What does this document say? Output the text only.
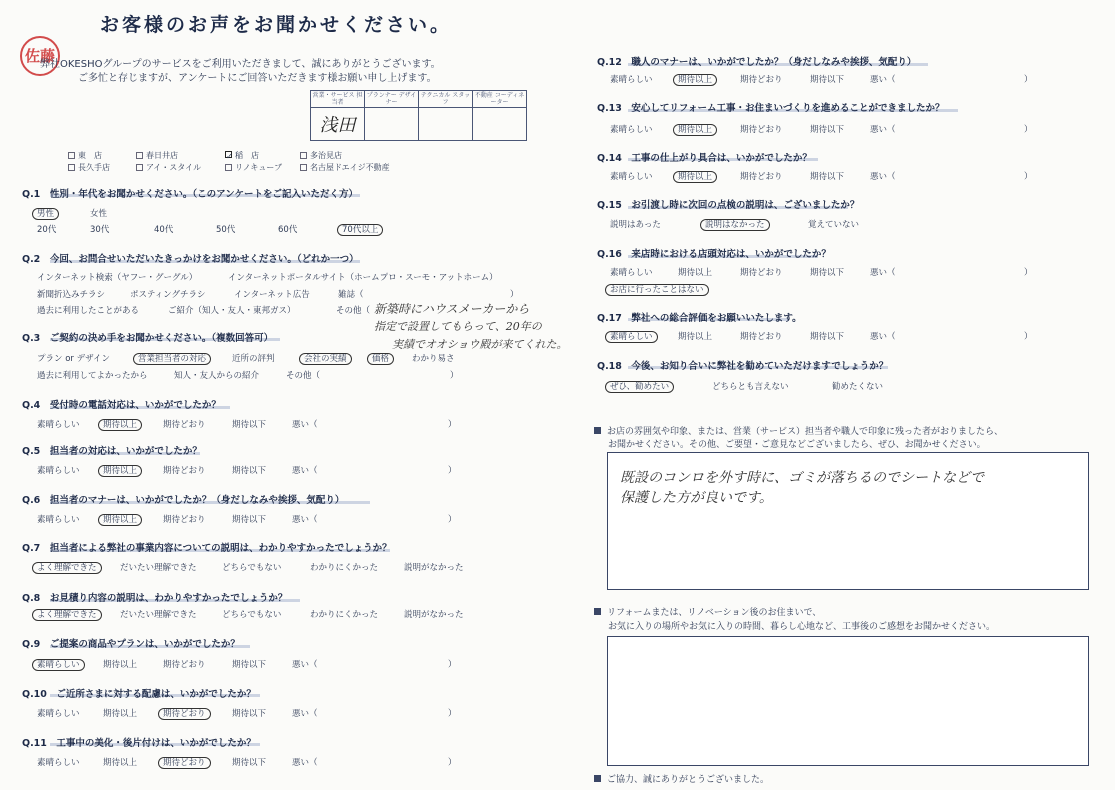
お客様のお声をお聞かせください。
佐藤
弊社OKESHOグループのサービスをご利用いただきまして、誠にありがとうございます。
ご多忙と存じますが、アンケートにご回答いただきます様お願い申し上げます。
営業・サービス 担当者	プランナー デザイナー	テクニカル スタッフ	不動産 コーディネーター
浅田			
東　店	春日井店	✓ 稲　店	多治見店
長久手店	アイ・スタイル	リノキューブ	名古屋ドエイジ不動産
Q.1　 性別・年代をお聞かせください。（このアンケートをご記入いただく方）
男性	女性
20代	30代	40代	50代	60代	70代以上
Q.2　 今回、お問合せいただいたきっかけをお聞かせください。（どれか一つ）
インターネット検索（ヤフー・グーグル）	インターネットポータルサイト（ホームプロ・スーモ・アットホーム）
新聞折込みチラシ	ポスティングチラシ	インターネット広告	雑誌（	）
過去に利用したことがある	ご紹介（知人・友人・東邦ガス）	その他（ 新築時にハウスメーカーから
指定で設置してもらって、20年の
実績でオオショウ殿が来てくれた。
Q.3　 ご契約の決め手をお聞かせください。（複数回答可）
プラン or デザイン	営業担当者の対応	近所の評判	会社の実績	価格	わかり易さ
過去に利用してよかったから	知人・友人からの紹介	その他（	）
Q.4　 受付時の電話対応は、いかがでしたか？
素晴らしい	期待以上	期待どおり	期待以下	悪い（	）
Q.5　 担当者の対応は、いかがでしたか？
素晴らしい	期待以上	期待どおり	期待以下	悪い（	）
Q.6　 担当者のマナーは、いかがでしたか？（身だしなみや挨拶、気配り）
素晴らしい	期待以上	期待どおり	期待以下	悪い（	）
Q.7　 担当者による弊社の事業内容についての説明は、わかりやすかったでしょうか？
よく理解できた	だいたい理解できた	どちらでもない	わかりにくかった	説明がなかった
Q.8　 お見積り内容の説明は、わかりやすかったでしょうか？
よく理解できた	だいたい理解できた	どちらでもない	わかりにくかった	説明がなかった
Q.9　 ご提案の商品やプランは、いかがでしたか？
素晴らしい	期待以上	期待どおり	期待以下	悪い（	）
Q.10　 ご近所さまに対する配慮は、いかがでしたか？
素晴らしい	期待以上	期待どおり	期待以下	悪い（	）
Q.11　 工事中の美化・後片付けは、いかがでしたか？
素晴らしい	期待以上	期待どおり	期待以下	悪い（	）
Q.12　 職人のマナーは、いかがでしたか？（身だしなみや挨拶、気配り）
素晴らしい	期待以上	期待どおり	期待以下	悪い（	）
Q.13　 安心してリフォーム工事・お住まいづくりを進めることができましたか？
素晴らしい	期待以上	期待どおり	期待以下	悪い（	）
Q.14　 工事の仕上がり具合は、いかがでしたか？
素晴らしい	期待以上	期待どおり	期待以下	悪い（	）
Q.15　 お引渡し時に次回の点検の説明は、ございましたか？
説明はあった	説明はなかった	覚えていない
Q.16　 来店時における店頭対応は、いかがでしたか？
素晴らしい	期待以上	期待どおり	期待以下	悪い（	）
お店に行ったことはない
Q.17　 弊社への総合評価をお願いいたします。
素晴らしい	期待以上	期待どおり	期待以下	悪い（	）
Q.18　 今後、お知り合いに弊社を勧めていただけますでしょうか？
ぜひ、勧めたい	どちらとも言えない	勧めたくない
お店の雰囲気や印象、または、営業（サービス）担当者や職人で印象に残った者がおりましたら、
お聞かせください。その他、ご要望・ご意見などございましたら、ぜひ、お聞かせください。
既設のコンロを外す時に、ゴミが落ちるのでシートなどで
保護した方が良いです。
リフォームまたは、リノベーション後のお住まいで、
お気に入りの場所やお気に入りの時間、暮らし心地など、工事後のご感想をお聞かせください。
ご協力、誠にありがとうございました。
